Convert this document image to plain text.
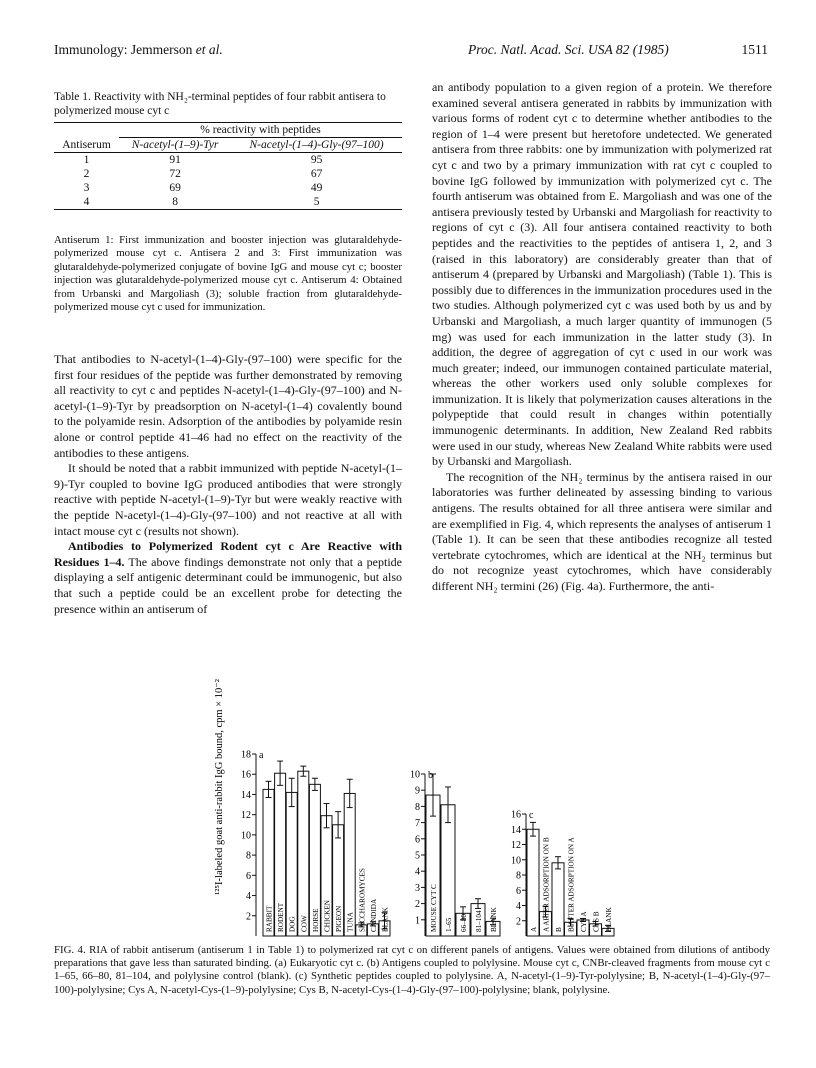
Immunology: Jemmerson et al.	Proc. Natl. Acad. Sci. USA 82 (1985)	1511
Table 1. Reactivity with NH₂-terminal peptides of four rabbit antisera to polymerized mouse cyt c
Antiserum	% reactivity with peptides	
	N-acetyl-(1–9)-Tyr	N-acetyl-(1–4)-Gly-(97–100)
1	91	95
2	72	67
3	69	49
4	8	5
Antiserum 1: First immunization and booster injection was glutaraldehyde-polymerized mouse cyt c. Antisera 2 and 3: First immunization was glutaraldehyde-polymerized conjugate of bovine IgG and mouse cyt c; booster injection was glutaraldehyde-polymerized mouse cyt c. Antiserum 4: Obtained from Urbanski and Margoliash (3); soluble fraction from glutaraldehyde-polymerized mouse cyt c used for immunization.

That antibodies to N-acetyl-(1–4)-Gly-(97–100) were specific for the first four residues of the peptide was further demonstrated by removing all reactivity to cyt c and peptides N-acetyl-(1–4)-Gly-(97–100) and N-acetyl-(1–9)-Tyr by preadsorption on N-acetyl-(1–4) covalently bound to the polyamide resin. Adsorption of the antibodies by polyamide resin alone or control peptide 41–46 had no effect on the reactivity of the antibodies to these antigens.

It should be noted that a rabbit immunized with peptide N-acetyl-(1–9)-Tyr coupled to bovine IgG produced antibodies that were strongly reactive with peptide N-acetyl-(1–9)-Tyr but were weakly reactive with the peptide N-acetyl-(1–4)-Gly-(97–100) and not reactive at all with intact mouse cyt c (results not shown).

Antibodies to Polymerized Rodent cyt c Are Reactive with Residues 1–4. The above findings demonstrate not only that a peptide displaying a self antigenic determinant could be immunogenic, but also that such a peptide could be an excellent probe for detecting the presence within an antiserum of

an antibody population to a given region of a protein. We therefore examined several antisera generated in rabbits by immunization with various forms of rodent cyt c to determine whether antibodies to the region of 1–4 were present but heretofore undetected. We generated antisera from three rabbits: one by immunization with polymerized rat cyt c and two by a primary immunization with rat cyt c coupled to bovine IgG followed by immunization with polymerized cyt c. The fourth antiserum was obtained from E. Margoliash and was one of the antisera previously tested by Urbanski and Margoliash for reactivity to regions of cyt c (3). All four antisera contained reactivity to both peptides and the reactivities to the peptides of antisera 1, 2, and 3 (raised in this laboratory) are considerably greater than that of antiserum 4 (prepared by Urbanski and Margoliash) (Table 1). This is possibly due to differences in the immunization procedures used in the two studies. Although polymerized cyt c was used both by us and by Urbanski and Margoliash, a much larger quantity of immunogen (5 mg) was used for each immunization in the latter study (3). In addition, the degree of aggregation of cyt c used in our work was much greater; indeed, our immunogen contained particulate material, whereas the other workers used only soluble complexes for immunization. It is likely that polymerization causes alterations in the polypeptide that could result in changes within potentially immunogenic determinants. In addition, New Zealand Red rabbits were used in our study, whereas New Zealand White rabbits were used by Urbanski and Margoliash.

The recognition of the NH₂ terminus by the antisera raised in our laboratories was further delineated by assessing binding to various antigens. The results obtained for all three antisera were similar and are exemplified in Fig. 4, which represents the analyses of antiserum 1 (Table 1). It can be seen that these antibodies recognize all tested vertebrate cytochromes, which are identical at the NH₂ terminus but do not recognize yeast cytochromes, which have considerably different NH₂ termini (26) (Fig. 4a). Furthermore, the anti-

¹²⁵I-labeled goat anti-rabbit IgG bound, cpm × 10⁻²
2
4
6
8
10
12
14
16
18 a
RABBIT RODENT DOG COW HORSE CHICKEN PIGEON TUNA SACCHAROMYCES CANDIDA BLANK	1
2
3
4
5
6
7
8
9
10 b
MOUSE CYT C 1–65 66–80 81–104 BLANK 2
4
6
8
10
12
14
16 c
A A AFTER ADSORPTION ON B B B AFTER ADSORPTION ON A CYS A CYS B BLANK
FIG. 4. RIA of rabbit antiserum (antiserum 1 in Table 1) to polymerized rat cyt c on different panels of antigens. Values were obtained from dilutions of antibody preparations that gave less than saturated binding. (a) Eukaryotic cyt c. (b) Antigens coupled to polylysine. Mouse cyt c, CNBr-cleaved fragments from mouse cyt c 1–65, 66–80, 81–104, and polylysine control (blank). (c) Synthetic peptides coupled to polylysine. A, N-acetyl-(1–9)-Tyr-polylysine; B, N-acetyl-(1–4)-Gly-(97–100)-polylysine; Cys A, N-acetyl-Cys-(1–9)-polylysine; Cys B, N-acetyl-Cys-(1–4)-Gly-(97–100)-polylysine; blank, polylysine.
